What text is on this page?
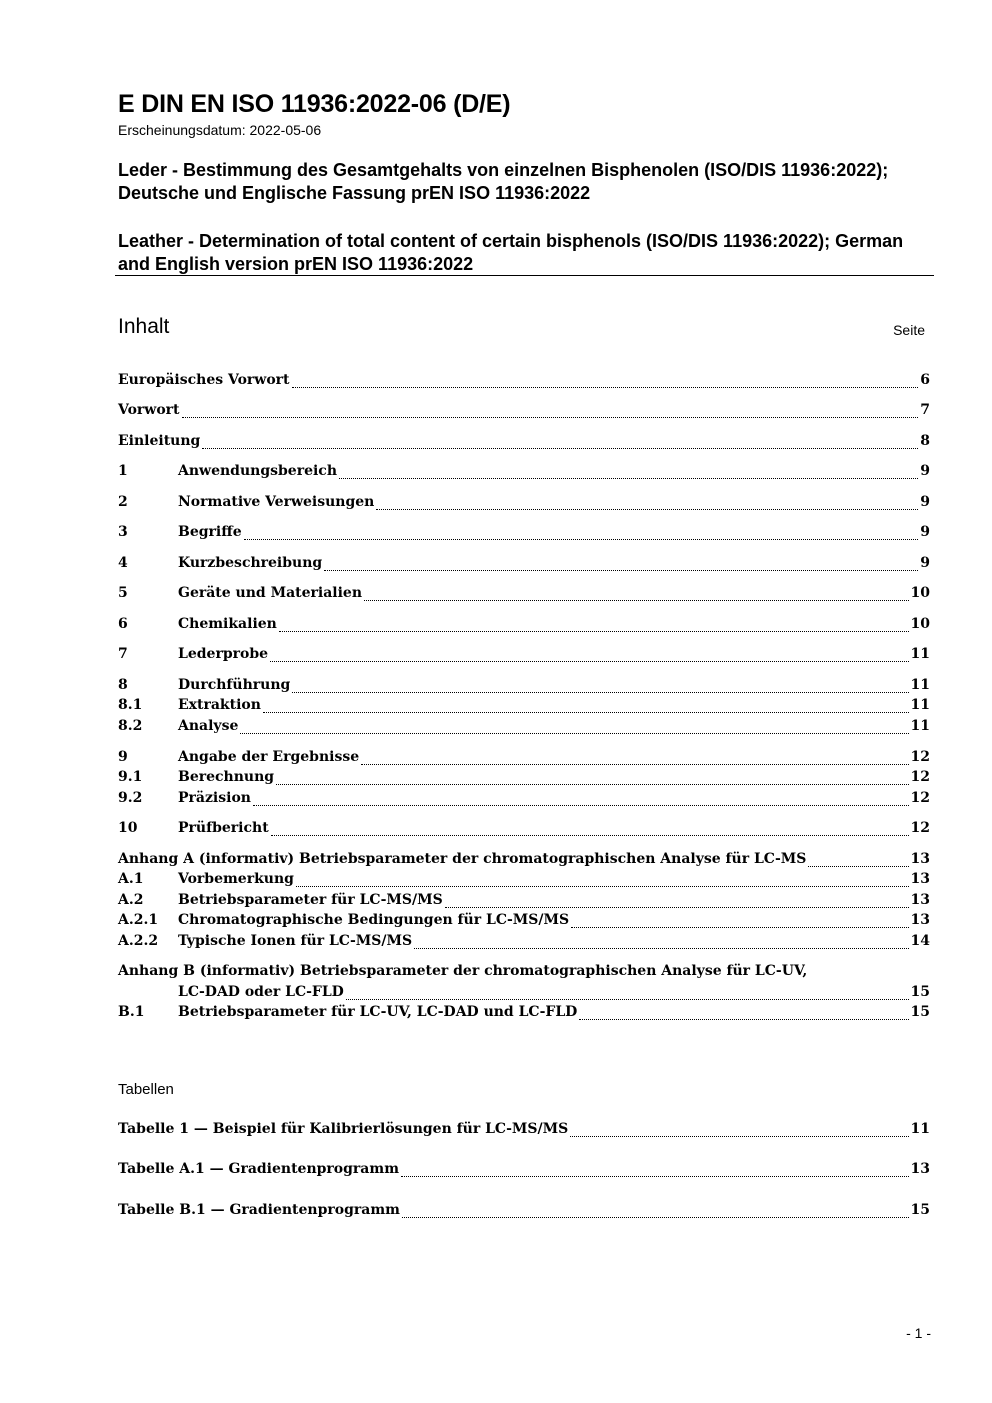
E DIN EN ISO 11936:2022-06 (D/E)
Erscheinungsdatum: 2022-05-06
Leder - Bestimmung des Gesamtgehalts von einzelnen Bisphenolen (ISO/DIS 11936:2022); Deutsche und Englische Fassung prEN ISO 11936:2022
Leather - Determination of total content of certain bisphenols (ISO/DIS 11936:2022); German and English version prEN ISO 11936:2022
Inhalt	Seite
Europäisches Vorwort	6
Vorwort	7
Einleitung	8
1	Anwendungsbereich	9
2	Normative Verweisungen	9
3	Begriffe	9
4	Kurzbeschreibung	9
5	Geräte und Materialien	10
6	Chemikalien	10
7	Lederprobe	11
8	Durchführung	11
8.1	Extraktion	11
8.2	Analyse	11
9	Angabe der Ergebnisse	12
9.1	Berechnung	12
9.2	Präzision	12
10	Prüfbericht	12
Anhang A (informativ) Betriebsparameter der chromatographischen Analyse für LC-MS	13
A.1	Vorbemerkung	13
A.2	Betriebsparameter für LC-MS/MS	13
A.2.1	Chromatographische Bedingungen für LC-MS/MS	13
A.2.2	Typische Ionen für LC-MS/MS	14
Anhang B (informativ) Betriebsparameter der chromatographischen Analyse für LC-UV,
LC-DAD oder LC-FLD	15
B.1	Betriebsparameter für LC-UV, LC-DAD und LC-FLD	15
Tabellen
Tabelle 1 — Beispiel für Kalibrierlösungen für LC-MS/MS	11
Tabelle A.1 — Gradientenprogramm	13
Tabelle B.1 — Gradientenprogramm	15
- 1 -
